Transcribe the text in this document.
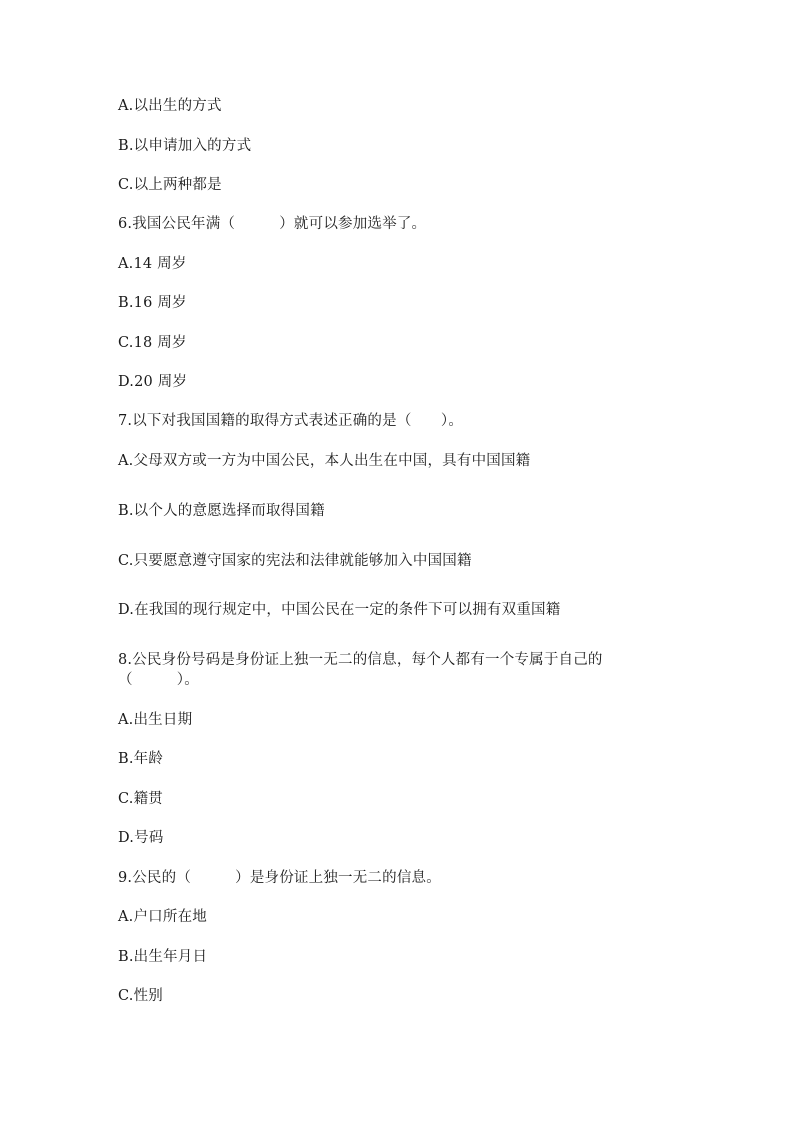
A.以出生的方式
B.以申请加入的方式
C.以上两种都是
6.我国公民年满（　　　）就可以参加选举了。
A.14 周岁
B.16 周岁
C.18 周岁
D.20 周岁
7.以下对我国国籍的取得方式表述正确的是（　　）。
A.父母双方或一方为中国公民，本人出生在中国，具有中国国籍
B.以个人的意愿选择而取得国籍
C.只要愿意遵守国家的宪法和法律就能够加入中国国籍
D.在我国的现行规定中，中国公民在一定的条件下可以拥有双重国籍
8.公民身份号码是身份证上独一无二的信息，每个人都有一个专属于自己的
（　　　）。
A.出生日期
B.年龄
C.籍贯
D.号码
9.公民的（　　　）是身份证上独一无二的信息。
A.户口所在地
B.出生年月日
C.性别
